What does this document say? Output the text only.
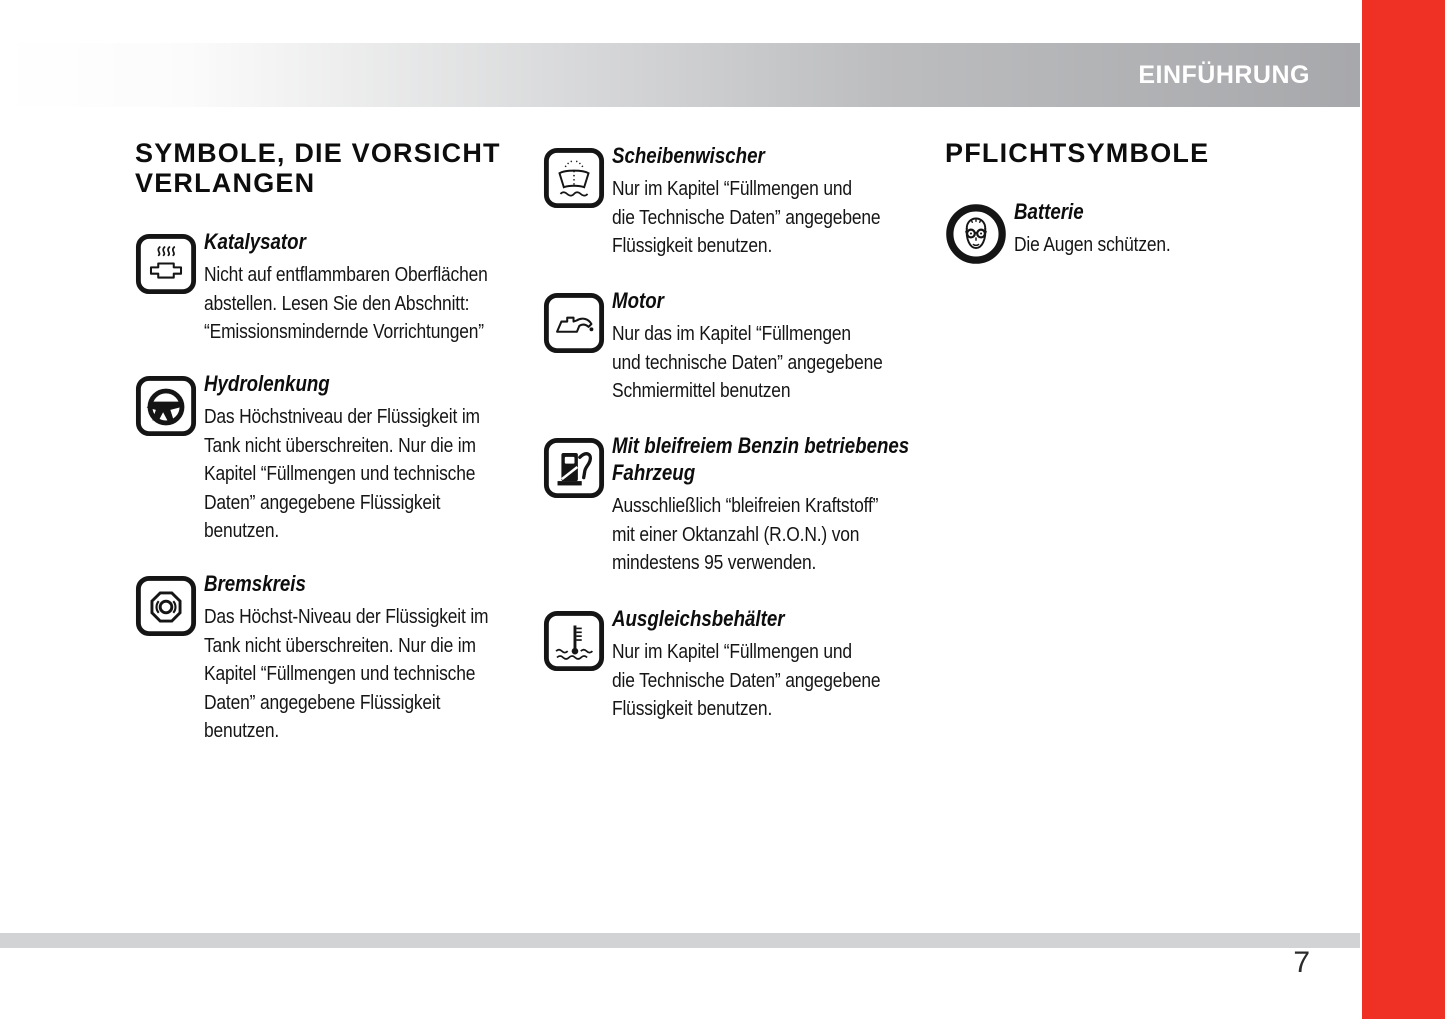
EINFÜHRUNG
SYMBOLE, DIE VORSICHT
VERLANGEN
Katalysator
Nicht auf entflammbaren Oberflächen
abstellen. Lesen Sie den Abschnitt:
“Emissionsmindernde Vorrichtungen”
Hydrolenkung
Das Höchstniveau der Flüssigkeit im
Tank nicht überschreiten. Nur die im
Kapitel “Füllmengen und technische
Daten” angegebene Flüssigkeit
benutzen.
Bremskreis
Das Höchst-Niveau der Flüssigkeit im
Tank nicht überschreiten. Nur die im
Kapitel “Füllmengen und technische
Daten” angegebene Flüssigkeit
benutzen.
Scheibenwischer
Nur im Kapitel “Füllmengen und
die Technische Daten” angegebene
Flüssigkeit benutzen.
Motor
Nur das im Kapitel “Füllmengen
und technische Daten” angegebene
Schmiermittel benutzen
Mit bleifreiem Benzin betriebenes
Fahrzeug
Ausschließlich “bleifreien Kraftstoff”
mit einer Oktanzahl (R.O.N.) von
mindestens 95 verwenden.
Ausgleichsbehälter
Nur im Kapitel “Füllmengen und
die Technische Daten” angegebene
Flüssigkeit benutzen.
PFLICHTSYMBOLE
Batterie
Die Augen schützen.
7
